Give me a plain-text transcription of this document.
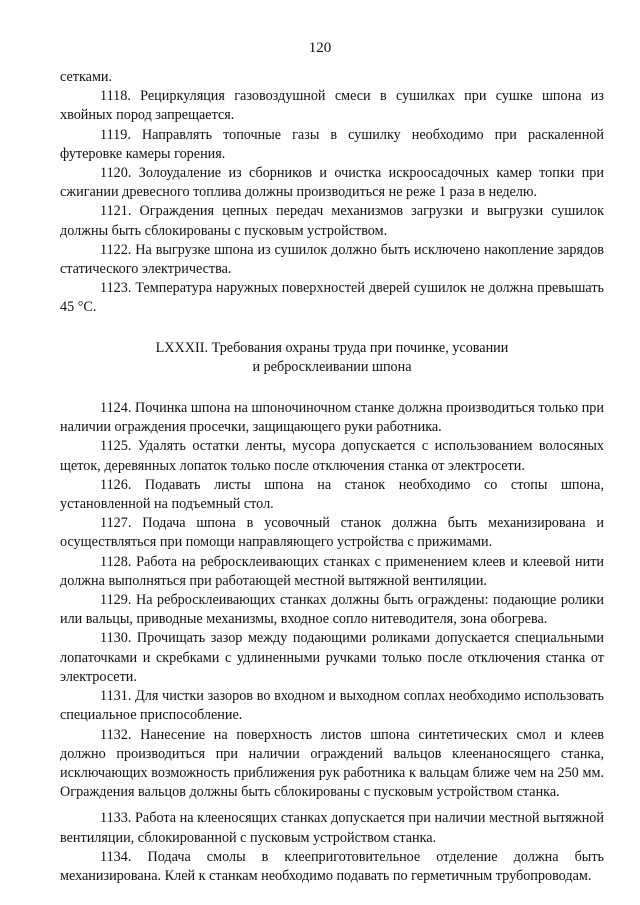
120

сетками.

1118. Рециркуляция газовоздушной смеси в сушилках при сушке шпона из хвойных пород запрещается.

1119. Направлять топочные газы в сушилку необходимо при раскаленной футеровке камеры горения.

1120. Золоудаление из сборников и очистка искроосадочных камер топки при сжигании древесного топлива должны производиться не реже 1 раза в неделю.

1121. Ограждения цепных передач механизмов загрузки и выгрузки сушилок должны быть сблокированы с пусковым устройством.

1122. На выгрузке шпона из сушилок должно быть исключено накопление зарядов статического электричества.

1123. Температура наружных поверхностей дверей сушилок не должна превышать 45 °C.

LXXXII. Требования охраны труда при починке, усовании
и ребросклеивании шпона

1124. Починка шпона на шпоночиночном станке должна производиться только при наличии ограждения просечки, защищающего руки работника.

1125. Удалять остатки ленты, мусора допускается с использованием волосяных щеток, деревянных лопаток только после отключения станка от электросети.

1126. Подавать листы шпона на станок необходимо со стопы шпона, установленной на подъемный стол.

1127. Подача шпона в усовочный станок должна быть механизирована и осуществляться при помощи направляющего устройства с прижимами.

1128. Работа на ребросклеивающих станках с применением клеев и клеевой нити должна выполняться при работающей местной вытяжной вентиляции.

1129. На ребросклеивающих станках должны быть ограждены: подающие ролики или вальцы, приводные механизмы, входное сопло нитеводителя, зона обогрева.

1130. Прочищать зазор между подающими роликами допускается специальными лопаточками и скребками с удлиненными ручками только после отключения станка от электросети.

1131. Для чистки зазоров во входном и выходном соплах необходимо использовать специальное приспособление.

1132. Нанесение на поверхность листов шпона синтетических смол и клеев должно производиться при наличии ограждений вальцов клеенаносящего станка, исключающих возможность приближения рук работника к вальцам ближе чем на 250 мм. Ограждения вальцов должны быть сблокированы с пусковым устройством станка.

1133. Работа на клееносящих станках допускается при наличии местной вытяжной вентиляции, сблокированной с пусковым устройством станка.

1134. Подача смолы в клееприготовительное отделение должна быть механизирована. Клей к станкам необходимо подавать по герметичным трубопроводам.
